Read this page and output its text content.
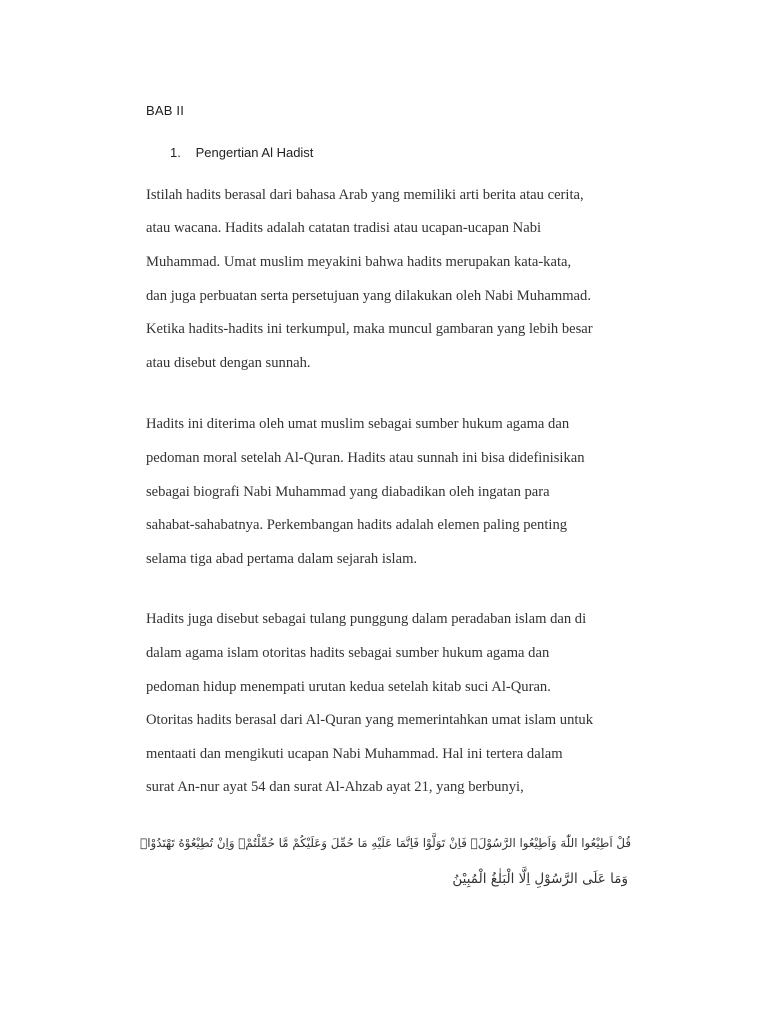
BAB II
1. Pengertian Al Hadist
Istilah hadits berasal dari bahasa Arab yang memiliki arti berita atau cerita,
atau wacana. Hadits adalah catatan tradisi atau ucapan-ucapan Nabi
Muhammad. Umat muslim meyakini bahwa hadits merupakan kata-kata,
dan juga perbuatan serta persetujuan yang dilakukan oleh Nabi Muhammad.
Ketika hadits-hadits ini terkumpul, maka muncul gambaran yang lebih besar
atau disebut dengan sunnah.
Hadits ini diterima oleh umat muslim sebagai sumber hukum agama dan
pedoman moral setelah Al-Quran. Hadits atau sunnah ini bisa didefinisikan
sebagai biografi Nabi Muhammad yang diabadikan oleh ingatan para
sahabat-sahabatnya. Perkembangan hadits adalah elemen paling penting
selama tiga abad pertama dalam sejarah islam.
Hadits juga disebut sebagai tulang punggung dalam peradaban islam dan di
dalam agama islam otoritas hadits sebagai sumber hukum agama dan
pedoman hidup menempati urutan kedua setelah kitab suci Al-Quran.
Otoritas hadits berasal dari Al-Quran yang memerintahkan umat islam untuk
mentaati dan mengikuti ucapan Nabi Muhammad. Hal ini tertera dalam
surat An-nur ayat 54 dan surat Al-Ahzab ayat 21, yang berbunyi,
قُلْ اَطِيْعُوا اللّٰهَ وَاَطِيْعُوا الرَّسُوْلَۚ فَاِنْ تَوَلَّوْا فَاِنَّمَا عَلَيْهِ مَا حُمِّلَ وَعَلَيْكُمْ مَّا حُمِّلْتُمْۗ وَاِنْ تُطِيْعُوْهُ تَهْتَدُوْاۗ
وَمَا عَلَى الرَّسُوْلِ اِلَّا الْبَلٰغُ الْمُبِيْنُ
